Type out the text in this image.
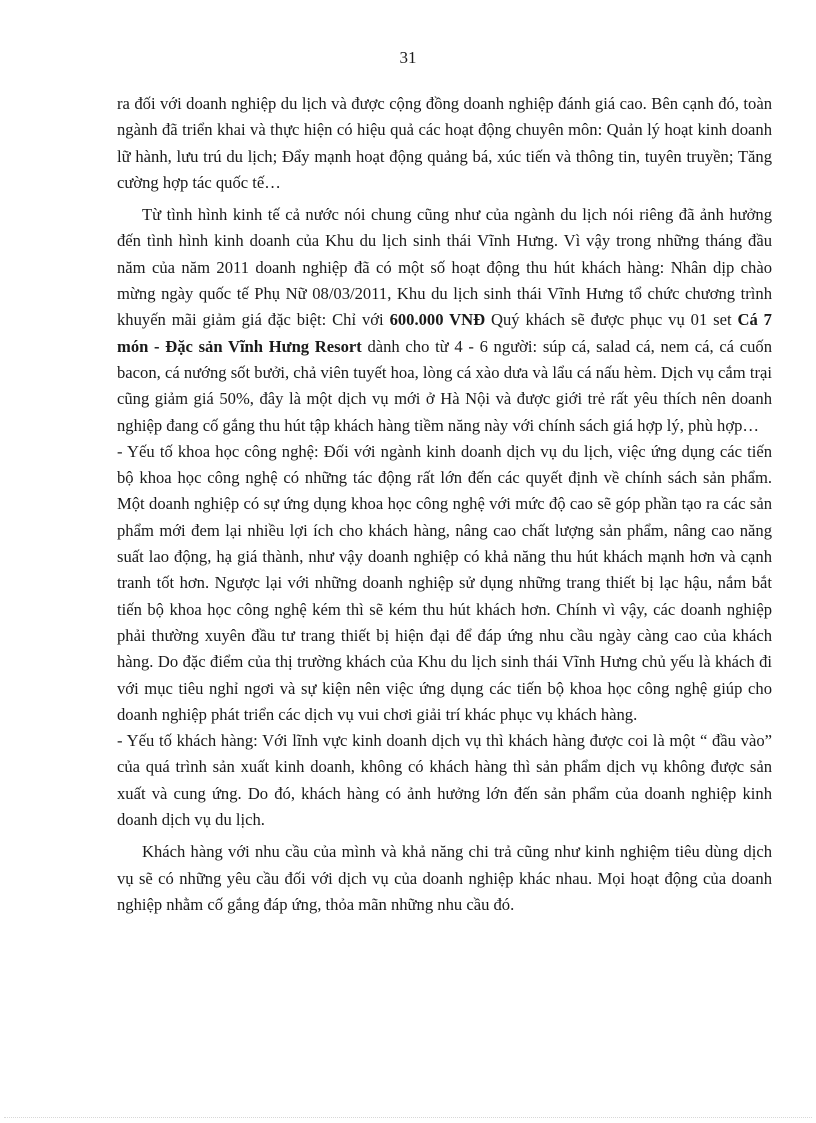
31

ra đối với doanh nghiệp du lịch và được cộng đồng doanh nghiệp đánh giá cao. Bên cạnh đó, toàn ngành đã triển khai và thực hiện có hiệu quả các hoạt động chuyên môn: Quản lý hoạt kinh doanh lữ hành, lưu trú du lịch; Đẩy mạnh hoạt động quảng bá, xúc tiến và thông tin, tuyên truyền; Tăng cường hợp tác quốc tế…

Từ tình hình kinh tế cả nước nói chung cũng như của ngành du lịch nói riêng đã ảnh hưởng đến tình hình kinh doanh của Khu du lịch sinh thái Vĩnh Hưng. Vì vậy trong những tháng đầu năm của năm 2011 doanh nghiệp đã có một số hoạt động thu hút khách hàng: Nhân dịp chào mừng ngày quốc tế Phụ Nữ 08/03/2011, Khu du lịch sinh thái Vĩnh Hưng tổ chức chương trình khuyến mãi giảm giá đặc biệt: Chỉ với 600.000 VNĐ Quý khách sẽ được phục vụ 01 set Cá 7 món - Đặc sản Vĩnh Hưng Resort dành cho từ 4 - 6 người: súp cá, salad cá, nem cá, cá cuốn bacon, cá nướng sốt bưởi, chả viên tuyết hoa, lòng cá xào dưa và lẩu cá nấu hèm. Dịch vụ cắm trại cũng giảm giá 50%, đây là một dịch vụ mới ở Hà Nội và được giới trẻ rất yêu thích nên doanh nghiệp đang cố gắng thu hút tập khách hàng tiềm năng này với chính sách giá hợp lý, phù hợp…

- Yếu tố khoa học công nghệ: Đối với ngành kinh doanh dịch vụ du lịch, việc ứng dụng các tiến bộ khoa học công nghệ có những tác động rất lớn đến các quyết định về chính sách sản phẩm. Một doanh nghiệp có sự ứng dụng khoa học công nghệ với mức độ cao sẽ góp phần tạo ra các sản phẩm mới đem lại nhiều lợi ích cho khách hàng, nâng cao chất lượng sản phẩm, nâng cao năng suất lao động, hạ giá thành, như vậy doanh nghiệp có khả năng thu hút khách mạnh hơn và cạnh tranh tốt hơn. Ngược lại với những doanh nghiệp sử dụng những trang thiết bị lạc hậu, nắm bắt tiến bộ khoa học công nghệ kém thì sẽ kém thu hút khách hơn. Chính vì vậy, các doanh nghiệp phải thường xuyên đầu tư trang thiết bị hiện đại để đáp ứng nhu cầu ngày càng cao của khách hàng. Do đặc điểm của thị trường khách của Khu du lịch sinh thái Vĩnh Hưng chủ yếu là khách đi với mục tiêu nghỉ ngơi và sự kiện nên việc ứng dụng các tiến bộ khoa học công nghệ giúp cho doanh nghiệp phát triển các dịch vụ vui chơi giải trí khác phục vụ khách hàng.

- Yếu tố khách hàng: Với lĩnh vực kinh doanh dịch vụ thì khách hàng được coi là một “ đầu vào” của quá trình sản xuất kinh doanh, không có khách hàng thì sản phẩm dịch vụ không được sản xuất và cung ứng. Do đó, khách hàng có ảnh hưởng lớn đến sản phẩm của doanh nghiệp kinh doanh dịch vụ du lịch.

Khách hàng với nhu cầu của mình và khả năng chi trả cũng như kinh nghiệm tiêu dùng dịch vụ sẽ có những yêu cầu đối với dịch vụ của doanh nghiệp khác nhau. Mọi hoạt động của doanh nghiệp nhằm cố gắng đáp ứng, thỏa mãn những nhu cầu đó.
